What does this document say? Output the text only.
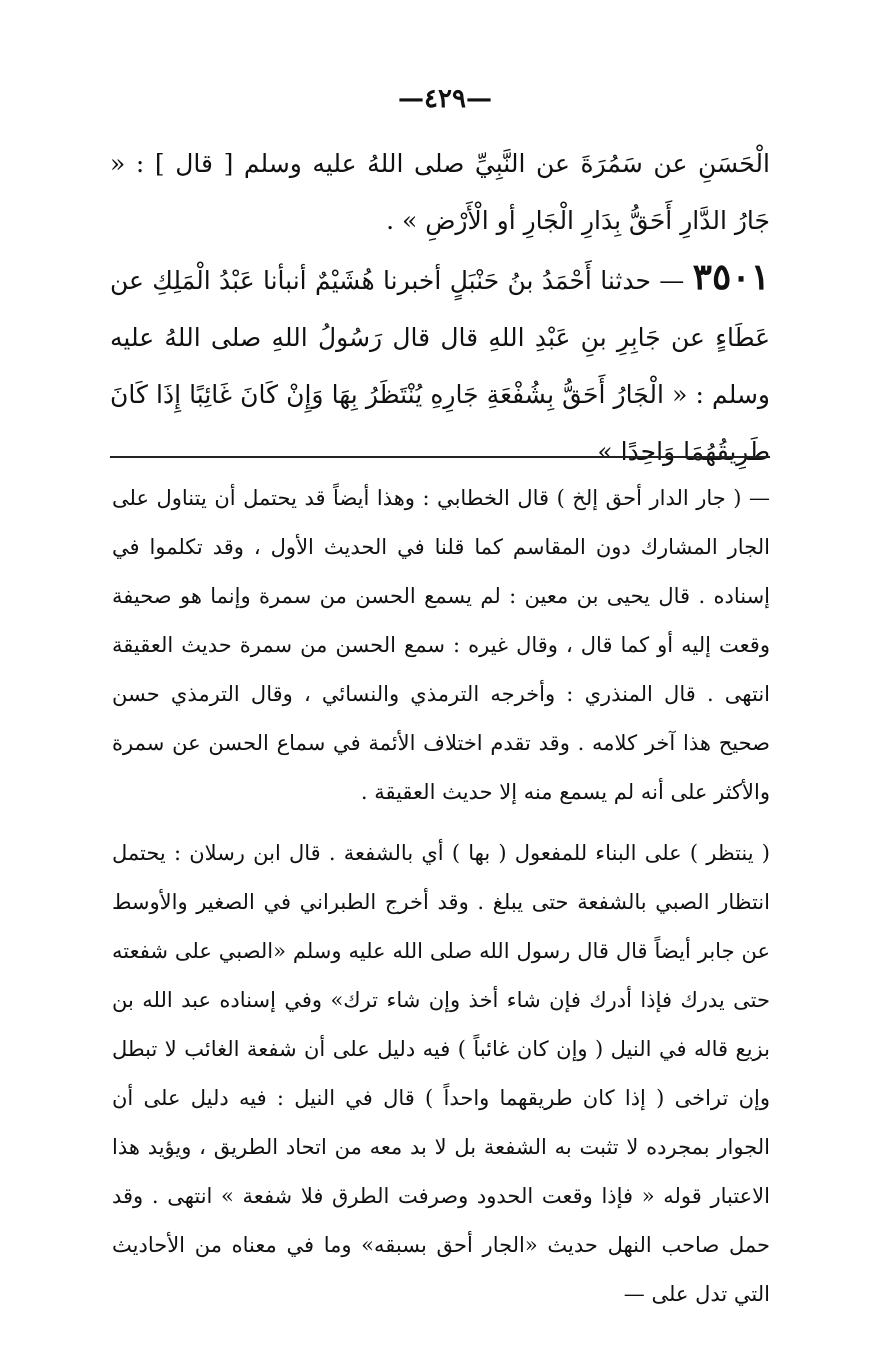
—٤٢٩—

الْحَسَنِ عن سَمُرَةَ عن النَّبِيِّ صلى اللهُ عليه وسلم [ قال ] : « جَارُ الدَّارِ أَحَقُّ بِدَارِ الْجَارِ أو الْأَرْضِ » .

٣٥٠١ — حدثنا أَحْمَدُ بنُ حَنْبَلٍ أخبرنا هُشَيْمٌ أنبأنا عَبْدُ الْمَلِكِ عن عَطَاءٍ عن جَابِرِ بنِ عَبْدِ اللهِ قال قال رَسُولُ اللهِ صلى اللهُ عليه وسلم : « الْجَارُ أَحَقُّ بِشُفْعَةِ جَارِهِ يُنْتَظَرُ بِهَا وَإِنْ كَانَ غَائِبًا إِذَا كَانَ طَرِيقُهُمَا وَاحِدًا »

— ( جار الدار أحق إلخ ) قال الخطابي : وهذا أيضاً قد يحتمل أن يتناول على الجار المشارك دون المقاسم كما قلنا في الحديث الأول ، وقد تكلموا في إسناده . قال يحيى بن معين : لم يسمع الحسن من سمرة وإنما هو صحيفة وقعت إليه أو كما قال ، وقال غيره : سمع الحسن من سمرة حديث العقيقة انتهى . قال المنذري : وأخرجه الترمذي والنسائي ، وقال الترمذي حسن صحيح هذا آخر كلامه . وقد تقدم اختلاف الأئمة في سماع الحسن عن سمرة والأكثر على أنه لم يسمع منه إلا حديث العقيقة .

( ينتظر ) على البناء للمفعول ( بها ) أي بالشفعة . قال ابن رسلان : يحتمل انتظار الصبي بالشفعة حتى يبلغ . وقد أخرج الطبراني في الصغير والأوسط عن جابر أيضاً قال قال رسول الله صلى الله عليه وسلم «الصبي على شفعته حتى يدرك فإذا أدرك فإن شاء أخذ وإن شاء ترك» وفي إسناده عبد الله بن بزيع قاله في النيل ( وإن كان غائباً ) فيه دليل على أن شفعة الغائب لا تبطل وإن تراخى ( إذا كان طريقهما واحداً ) قال في النيل : فيه دليل على أن الجوار بمجرده لا تثبت به الشفعة بل لا بد معه من اتحاد الطريق ، ويؤيد هذا الاعتبار قوله « فإذا وقعت الحدود وصرفت الطرق فلا شفعة » انتهى . وقد حمل صاحب النهل حديث «الجار أحق بسبقه» وما في معناه من الأحاديث التي تدل على —
